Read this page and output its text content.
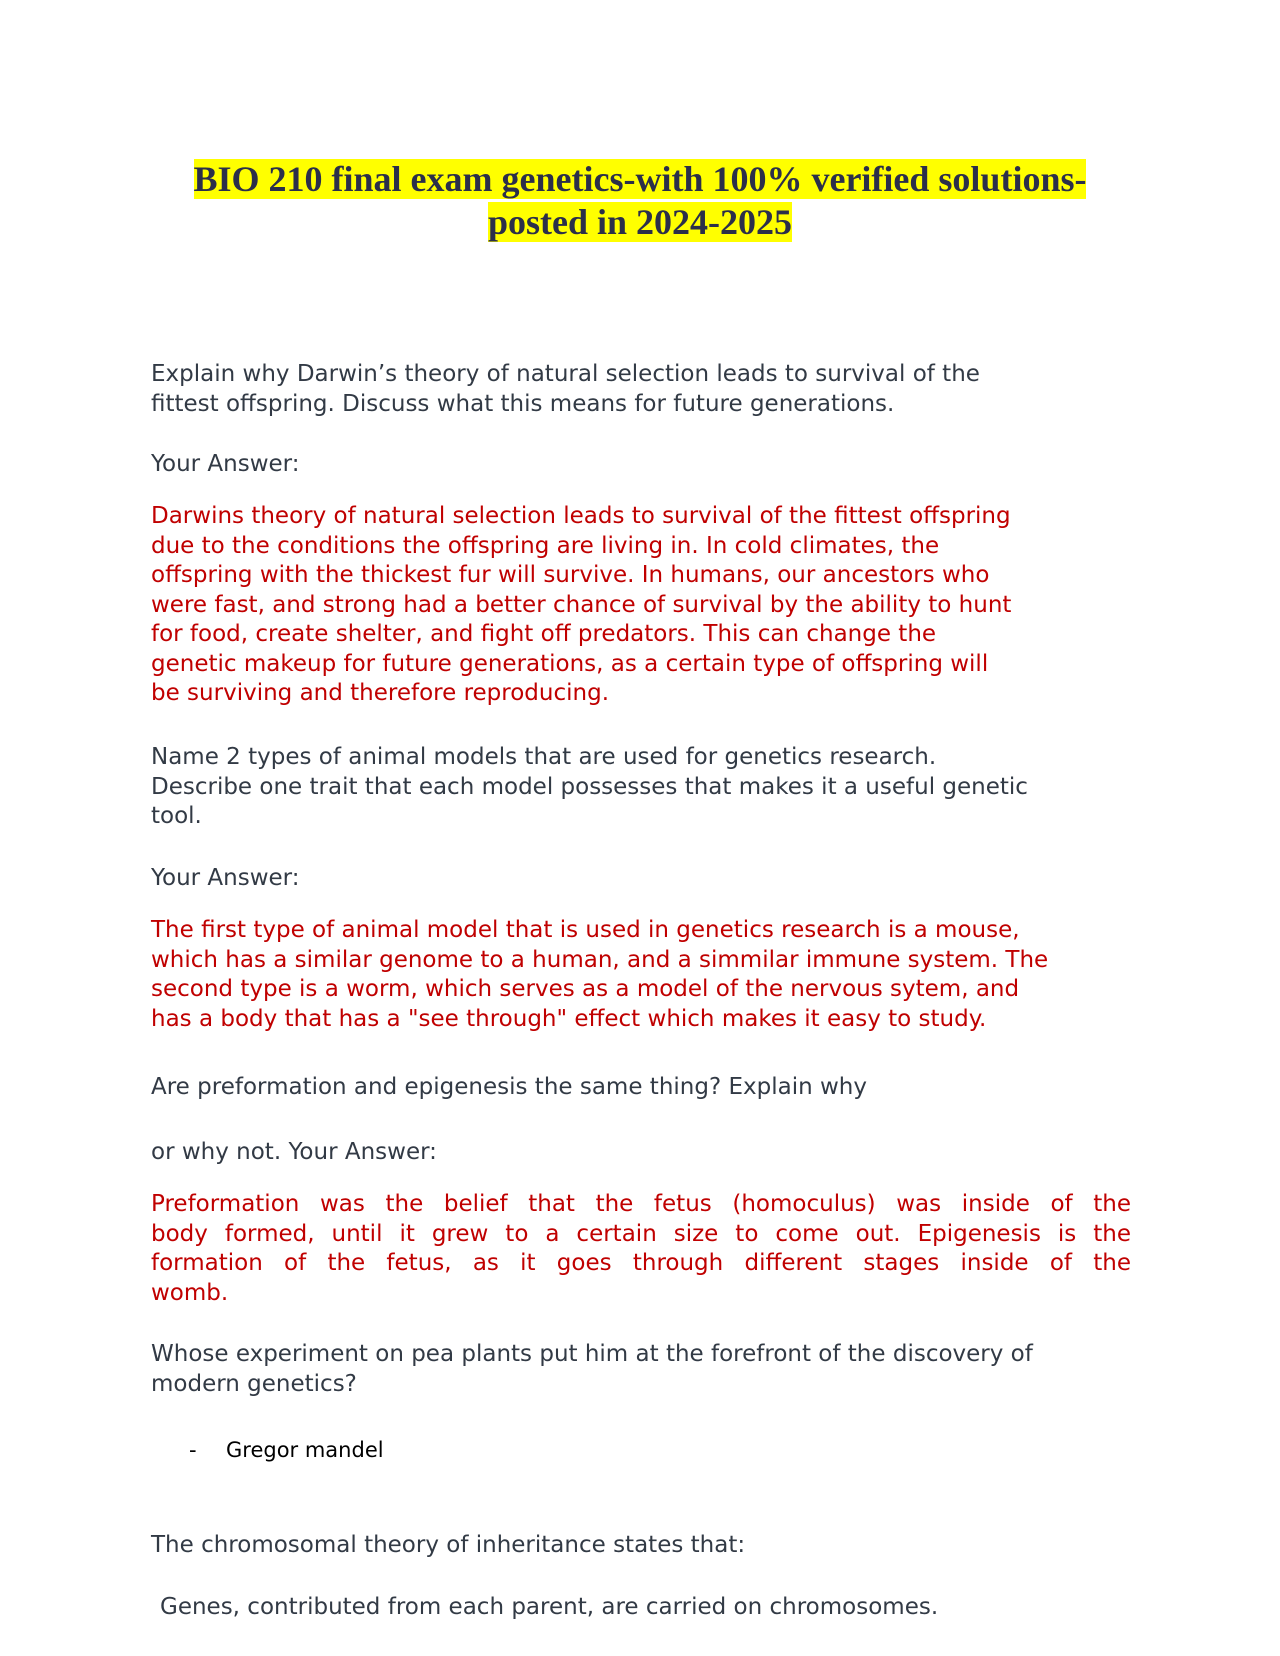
BIO 210 final exam genetics-with 100% verified solutions-
posted in 2024-2025
Explain why Darwin’s theory of natural selection leads to survival of the
fittest offspring. Discuss what this means for future generations.
Your Answer:
Darwins theory of natural selection leads to survival of the fittest offspring
due to the conditions the offspring are living in. In cold climates, the
offspring with the thickest fur will survive. In humans, our ancestors who
were fast, and strong had a better chance of survival by the ability to hunt
for food, create shelter, and fight off predators. This can change the
genetic makeup for future generations, as a certain type of offspring will
be surviving and therefore reproducing.
Name 2 types of animal models that are used for genetics research.
Describe one trait that each model possesses that makes it a useful genetic
tool.
Your Answer:
The first type of animal model that is used in genetics research is a mouse,
which has a similar genome to a human, and a simmilar immune system. The
second type is a worm, which serves as a model of the nervous sytem, and
has a body that has a "see through" effect which makes it easy to study.
Are preformation and epigenesis the same thing? Explain why
or why not. Your Answer:
Preformation was the belief that the fetus (homoculus) was inside of the
body formed, until it grew to a certain size to come out. Epigenesis is the
formation of the fetus, as it goes through different stages inside of the
womb.
Whose experiment on pea plants put him at the forefront of the discovery of
modern genetics?
- Gregor mandel
The chromosomal theory of inheritance states that:
Genes, contributed from each parent, are carried on chromosomes.
